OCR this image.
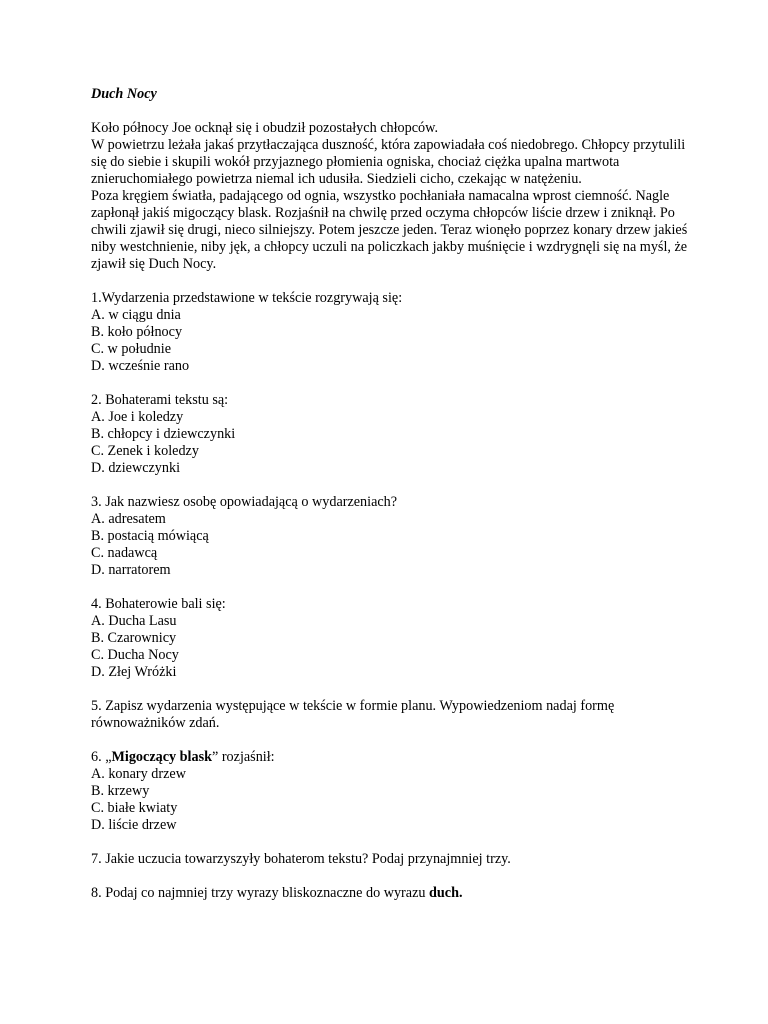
Duch Nocy

Koło północy Joe ocknął się i obudził pozostałych chłopców.

W powietrzu leżała jakaś przytłaczająca duszność, która zapowiadała coś niedobrego. Chłopcy przytulili się do siebie i skupili wokół przyjaznego płomienia ogniska, chociaż ciężka upalna martwota znieruchomiałego powietrza niemal ich udusiła. Siedzieli cicho, czekając w natężeniu.

Poza kręgiem światła, padającego od ognia, wszystko pochłaniała namacalna wprost ciemność. Nagle zapłonął jakiś migoczący blask. Rozjaśnił na chwilę przed oczyma chłopców liście drzew i zniknął. Po chwili zjawił się drugi, nieco silniejszy. Potem jeszcze jeden. Teraz wionęło poprzez konary drzew jakieś niby westchnienie, niby jęk, a chłopcy uczuli na policzkach jakby muśnięcie i wzdrygnęli się na myśl, że zjawił się Duch Nocy.

1.Wydarzenia przedstawione w tekście rozgrywają się:

A. w ciągu dnia

B. koło północy

C. w południe

D. wcześnie rano

2. Bohaterami tekstu są:

A. Joe i koledzy

B. chłopcy i dziewczynki

C. Zenek i koledzy

D. dziewczynki

3. Jak nazwiesz osobę opowiadającą o wydarzeniach?

A. adresatem

B. postacią mówiącą

C. nadawcą

D. narratorem

4. Bohaterowie bali się:

A. Ducha Lasu

B. Czarownicy

C. Ducha Nocy

D. Złej Wróżki

5. Zapisz wydarzenia występujące w tekście w formie planu. Wypowiedzeniom nadaj formę równoważników zdań.

6. „Migoczący blask” rozjaśnił:

A. konary drzew

B. krzewy

C. białe kwiaty

D. liście drzew

7. Jakie uczucia towarzyszyły bohaterom tekstu? Podaj przynajmniej trzy.

8. Podaj co najmniej trzy wyrazy bliskoznaczne do wyrazu duch.
